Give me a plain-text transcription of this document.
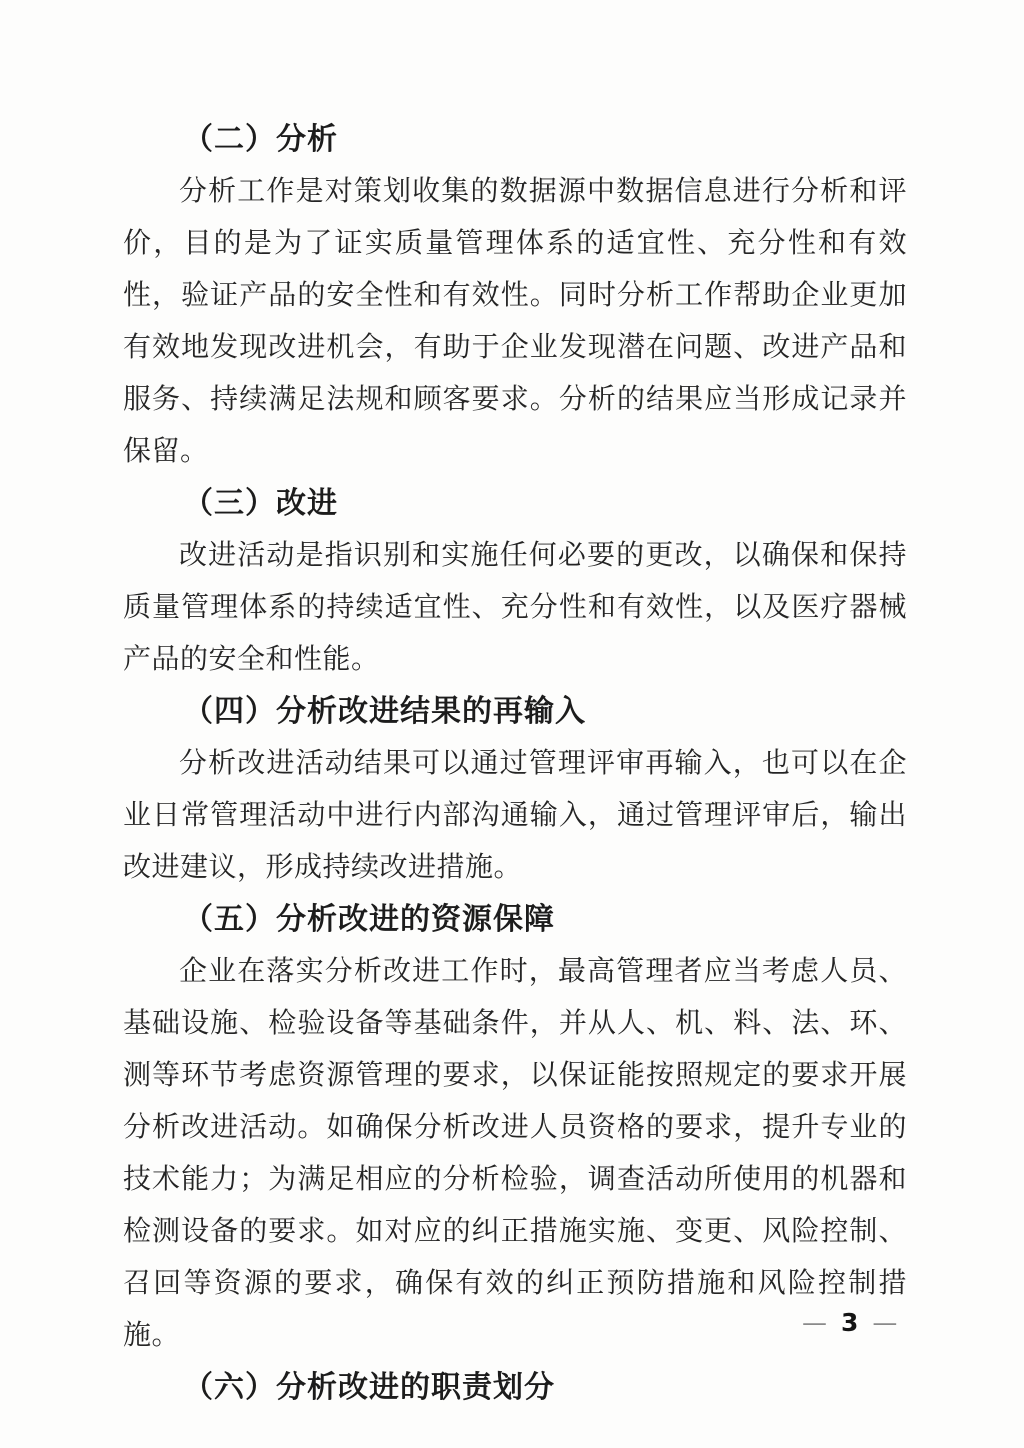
（二）分析

分析工作是对策划收集的数据源中数据信息进行分析和评价，目的是为了证实质量管理体系的适宜性、充分性和有效性，验证产品的安全性和有效性。同时分析工作帮助企业更加有效地发现改进机会，有助于企业发现潜在问题、改进产品和服务、持续满足法规和顾客要求。分析的结果应当形成记录并保留。

（三）改进

改进活动是指识别和实施任何必要的更改，以确保和保持质量管理体系的持续适宜性、充分性和有效性，以及医疗器械产品的安全和性能。

（四）分析改进结果的再输入

分析改进活动结果可以通过管理评审再输入，也可以在企业日常管理活动中进行内部沟通输入，通过管理评审后，输出改进建议，形成持续改进措施。

（五）分析改进的资源保障

企业在落实分析改进工作时，最高管理者应当考虑人员、基础设施、检验设备等基础条件，并从人、机、料、法、环、测等环节考虑资源管理的要求，以保证能按照规定的要求开展分析改进活动。如确保分析改进人员资格的要求，提升专业的技术能力；为满足相应的分析检验，调查活动所使用的机器和检测设备的要求。如对应的纠正措施实施、变更、风险控制、召回等资源的要求，确保有效的纠正预防措施和风险控制措施。

（六）分析改进的职责划分
— 3 —
